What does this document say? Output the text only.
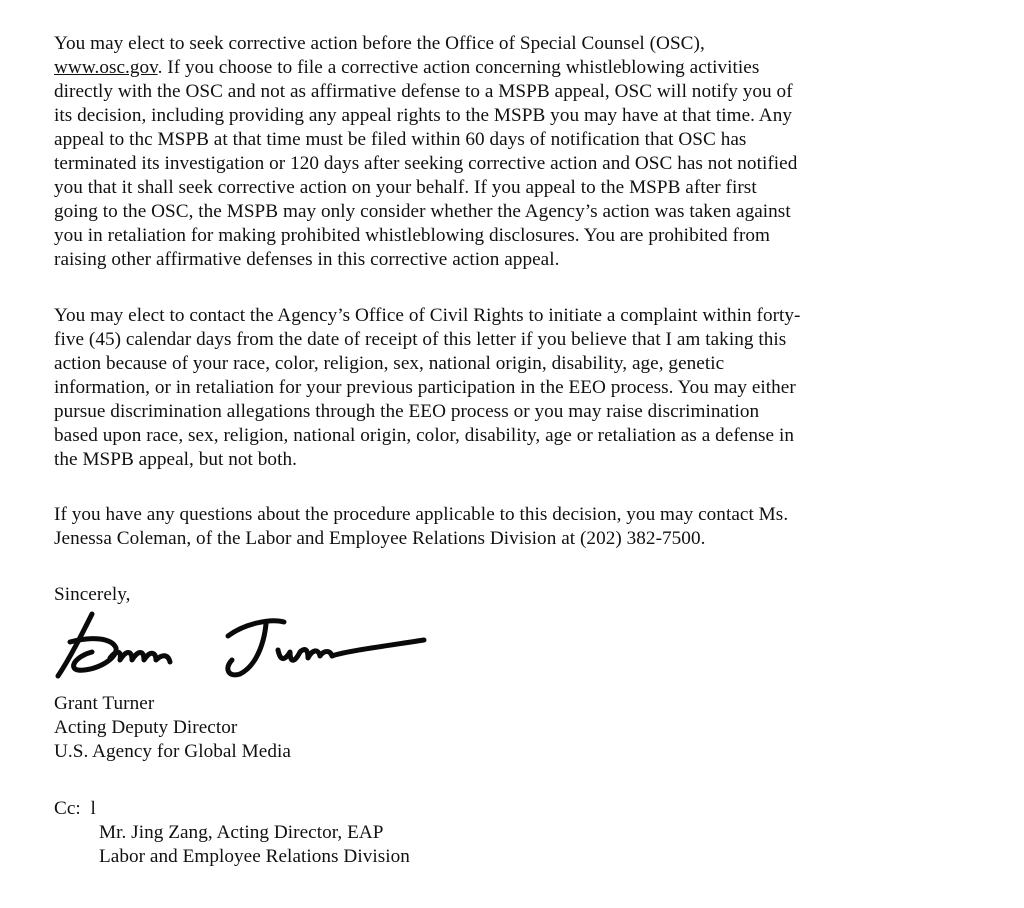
You may elect to seek corrective action before the Office of Special Counsel (OSC),
www.osc.gov. If you choose to file a corrective action concerning whistleblowing activities
directly with the OSC and not as affirmative defense to a MSPB appeal, OSC will notify you of
its decision, including providing any appeal rights to the MSPB you may have at that time. Any
appeal to thc MSPB at that time must be filed within 60 days of notification that OSC has
terminated its investigation or 120 days after seeking corrective action and OSC has not notified
you that it shall seek corrective action on your behalf. If you appeal to the MSPB after first
going to the OSC, the MSPB may only consider whether the Agency’s action was taken against
you in retaliation for making prohibited whistleblowing disclosures. You are prohibited from
raising other affirmative defenses in this corrective action appeal.
You may elect to contact the Agency’s Office of Civil Rights to initiate a complaint within forty-
five (45) calendar days from the date of receipt of this letter if you believe that I am taking this
action because of your race, color, religion, sex, national origin, disability, age, genetic
information, or in retaliation for your previous participation in the EEO process. You may either
pursue discrimination allegations through the EEO process or you may raise discrimination
based upon race, sex, religion, national origin, color, disability, age or retaliation as a defense in
the MSPB appeal, but not both.
If you have any questions about the procedure applicable to this decision, you may contact Ms.
Jenessa Coleman, of the Labor and Employee Relations Division at (202) 382-7500.
Sincerely,
Grant Turner
Acting Deputy Director
U.S. Agency for Global Media
Cc: l
Mr. Jing Zang, Acting Director, EAP
Labor and Employee Relations Division
